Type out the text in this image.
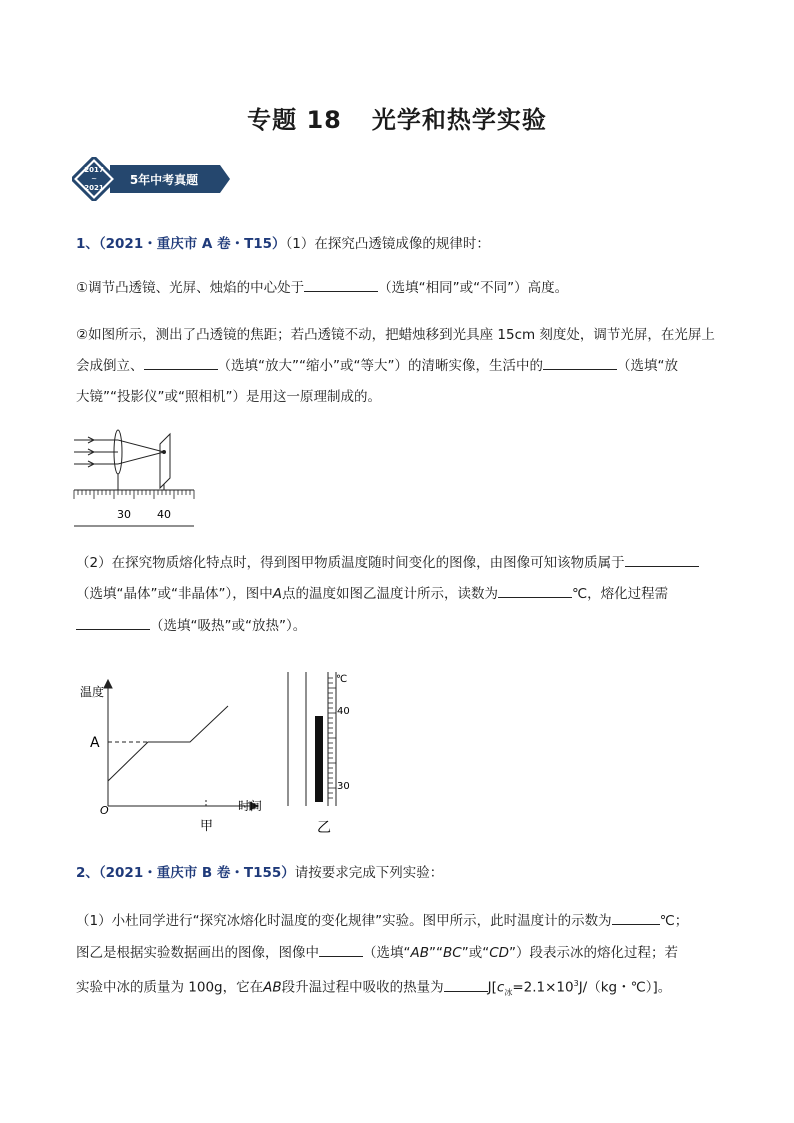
专题 18 光学和热学实验
2017
~
2021
5年中考真题
1、（2021・重庆市 A 卷・T15）（1）在探究凸透镜成像的规律时：
①调节凸透镜、光屏、烛焰的中心处于	（选填“相同”或“不同”）高度。
②如图所示，测出了凸透镜的焦距；若凸透镜不动，把蜡烛移到光具座 15cm 刻度处，调节光屏，在光屏上
会成倒立、	（选填“放大”“缩小”或“等大”）的清晰实像，生活中的	（选填“放
大镜”“投影仪”或“照相机”）是用这一原理制成的。
30 40
（2）在探究物质熔化特点时，得到图甲物质温度随时间变化的图像，由图像可知该物质属于
（选填“晶体”或“非晶体”），图中A点的温度如图乙温度计所示，读数为	℃，熔化过程需
（选填“吸热”或“放热”）。
温度
A
O	时间
甲
℃
40
30
乙
2、（2021・重庆市 B 卷・T155）请按要求完成下列实验：
（1）小杜同学进行“探究冰熔化时温度的变化规律”实验。图甲所示，此时温度计的示数为	℃；
图乙是根据实验数据画出的图像，图像中	（选填“AB”“BC”或“CD”）段表示冰的熔化过程；若
实验中冰的质量为 100g，它在AB段升温过程中吸收的热量为	$J[c_冰=2.1\times 10^3J/(kg$・℃）]。
